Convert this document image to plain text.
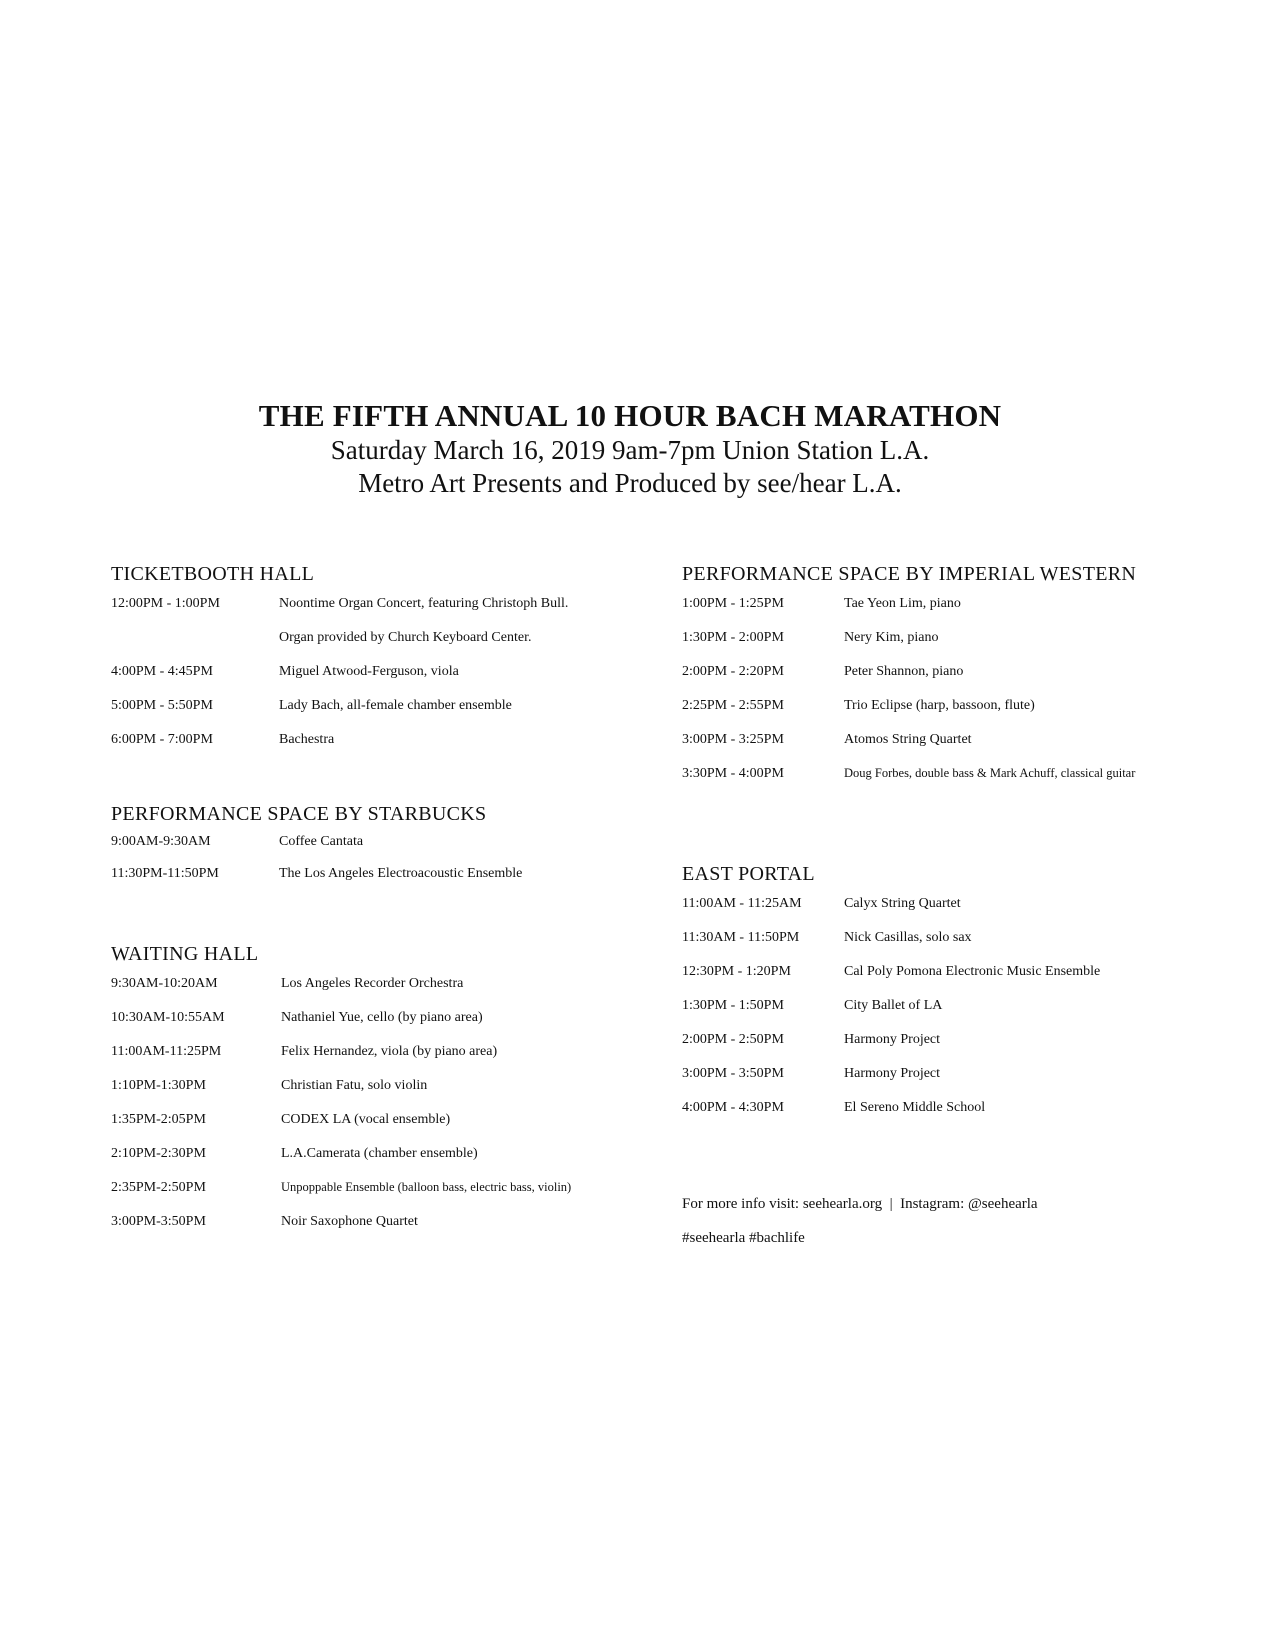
THE FIFTH ANNUAL 10 HOUR BACH MARATHON
Saturday March 16, 2019 9am-7pm Union Station L.A.
Metro Art Presents and Produced by see/hear L.A.
TICKETBOOTH HALL
12:00PM - 1:00PM	Noontime Organ Concert, featuring Christoph Bull.
Organ provided by Church Keyboard Center.
4:00PM - 4:45PM	Miguel Atwood-Ferguson, viola
5:00PM - 5:50PM	Lady Bach, all-female chamber ensemble
6:00PM - 7:00PM	Bachestra
PERFORMANCE SPACE BY STARBUCKS
9:00AM-9:30AM	Coffee Cantata
11:30PM-11:50PM	The Los Angeles Electroacoustic Ensemble
WAITING HALL
9:30AM-10:20AM	Los Angeles Recorder Orchestra
10:30AM-10:55AM	Nathaniel Yue, cello (by piano area)
11:00AM-11:25PM	Felix Hernandez, viola (by piano area)
1:10PM-1:30PM	Christian Fatu, solo violin
1:35PM-2:05PM	CODEX LA (vocal ensemble)
2:10PM-2:30PM	L.A.Camerata (chamber ensemble)
2:35PM-2:50PM	Unpoppable Ensemble (balloon bass, electric bass, violin)
3:00PM-3:50PM	Noir Saxophone Quartet
PERFORMANCE SPACE BY IMPERIAL WESTERN
1:00PM - 1:25PM	Tae Yeon Lim, piano
1:30PM - 2:00PM	Nery Kim, piano
2:00PM - 2:20PM	Peter Shannon, piano
2:25PM - 2:55PM	Trio Eclipse (harp, bassoon, flute)
3:00PM - 3:25PM	Atomos String Quartet
3:30PM - 4:00PM	Doug Forbes, double bass & Mark Achuff, classical guitar
EAST PORTAL
11:00AM - 11:25AM	Calyx String Quartet
11:30AM - 11:50PM	Nick Casillas, solo sax
12:30PM - 1:20PM	Cal Poly Pomona Electronic Music Ensemble
1:30PM - 1:50PM	City Ballet of LA
2:00PM - 2:50PM	Harmony Project
3:00PM - 3:50PM	Harmony Project
4:00PM - 4:30PM	El Sereno Middle School
For more info visit: seehearla.org  |  Instagram: @seehearla
#seehearla #bachlife
